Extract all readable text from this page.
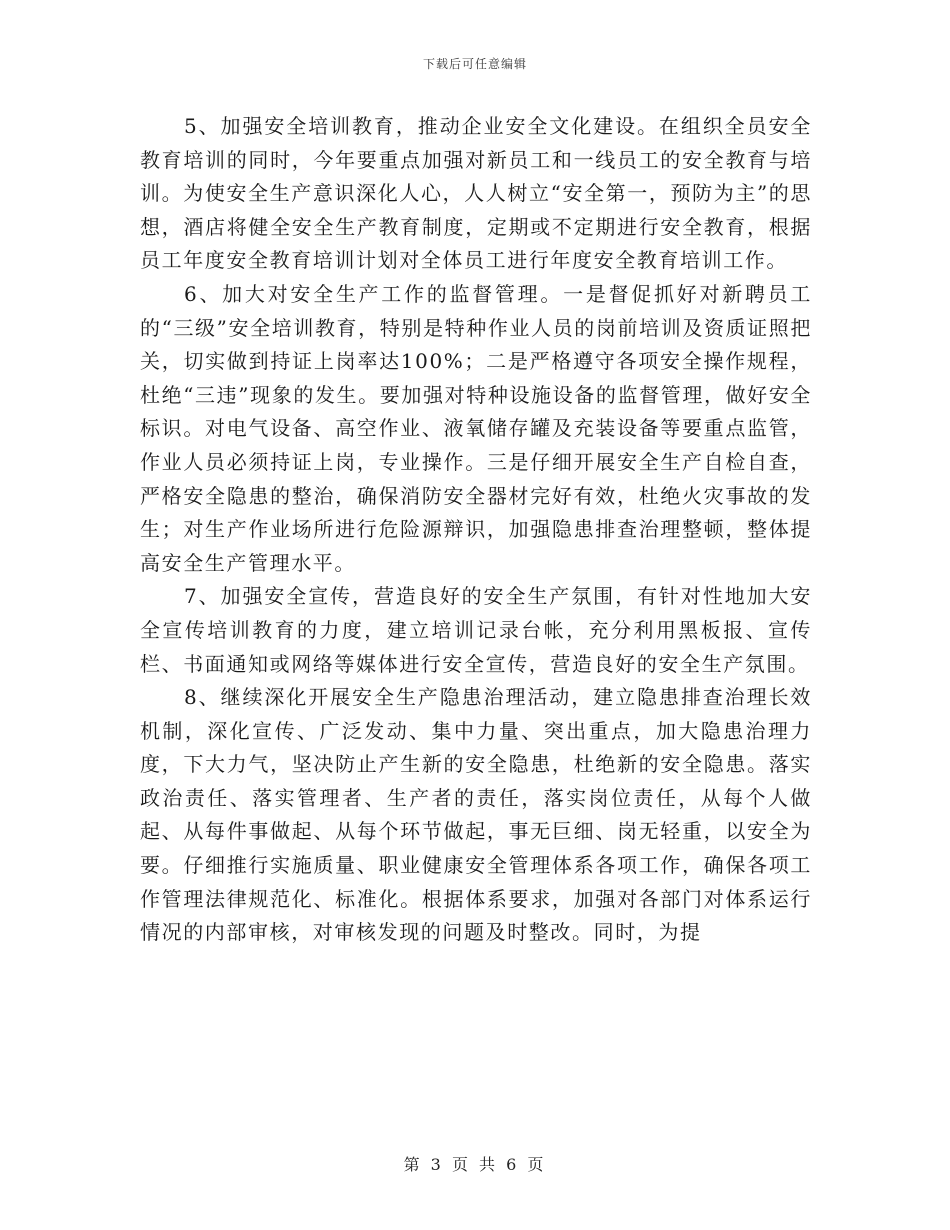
下载后可任意编辑

5、加强安全培训教育，推动企业安全文化建设。在组织全员安全教育培训的同时，今年要重点加强对新员工和一线员工的安全教育与培训。为使安全生产意识深化人心，人人树立“安全第一，预防为主”的思想，酒店将健全安全生产教育制度，定期或不定期进行安全教育，根据员工年度安全教育培训计划对全体员工进行年度安全教育培训工作。

6、加大对安全生产工作的监督管理。一是督促抓好对新聘员工的“三级”安全培训教育，特别是特种作业人员的岗前培训及资质证照把关，切实做到持证上岗率达100%；二是严格遵守各项安全操作规程，杜绝“三违”现象的发生。要加强对特种设施设备的监督管理，做好安全标识。对电气设备、高空作业、液氧储存罐及充装设备等要重点监管，作业人员必须持证上岗，专业操作。三是仔细开展安全生产自检自查，严格安全隐患的整治，确保消防安全器材完好有效，杜绝火灾事故的发生；对生产作业场所进行危险源辩识，加强隐患排查治理整顿，整体提高安全生产管理水平。

7、加强安全宣传，营造良好的安全生产氛围，有针对性地加大安全宣传培训教育的力度，建立培训记录台帐，充分利用黑板报、宣传栏、书面通知或网络等媒体进行安全宣传，营造良好的安全生产氛围。

8、继续深化开展安全生产隐患治理活动，建立隐患排查治理长效机制，深化宣传、广泛发动、集中力量、突出重点，加大隐患治理力度，下大力气，坚决防止产生新的安全隐患，杜绝新的安全隐患。落实政治责任、落实管理者、生产者的责任，落实岗位责任，从每个人做起、从每件事做起、从每个环节做起，事无巨细、岗无轻重，以安全为要。仔细推行实施质量、职业健康安全管理体系各项工作，确保各项工作管理法律规范化、标准化。根据体系要求，加强对各部门对体系运行情况的内部审核，对审核发现的问题及时整改。同时，为提

第 3 页 共 6 页
